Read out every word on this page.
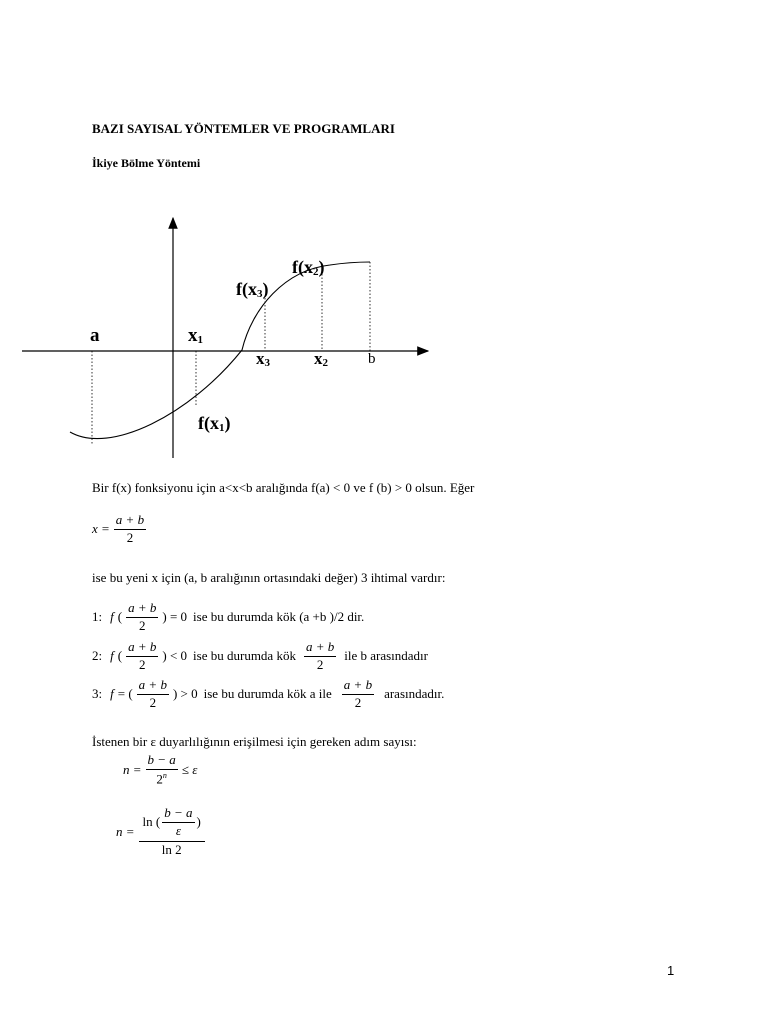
BAZI SAYISAL YÖNTEMLER VE PROGRAMLARI
İkiye Bölme Yöntemi
a	x1
x3	x2	b
f(x1)
f(x2)
f(x3)
Bir f(x) fonksiyonu için a<x<b aralığında f(a) < 0 ve f (b) > 0 olsun. Eğer
$x = \frac{a + b}{2}$
ise bu yeni x için (a, b aralığının ortasındaki değer) 3 ihtimal vardır:
1: f ( $\frac{a + b}{2}$ ) = 0 ise bu durumda kök (a +b )/2 dir.
2: f ( $\frac{a + b}{2}$ ) < 0 ise bu durumda kök $\frac{a + b}{2}$ ile b arasındadır
3: f = ( $\frac{a + b}{2}$ ) > 0 ise bu durumda kök a ile $\frac{a + b}{2}$ arasındadır.
İstenen bir ε duyarlılığının erişilmesi için gereken adım sayısı:
$n = \frac{b - a}{2^n} \le \varepsilon$
$n = \frac{\ln ( \frac{b - a}{\varepsilon} )}{\ln 2}$
1
